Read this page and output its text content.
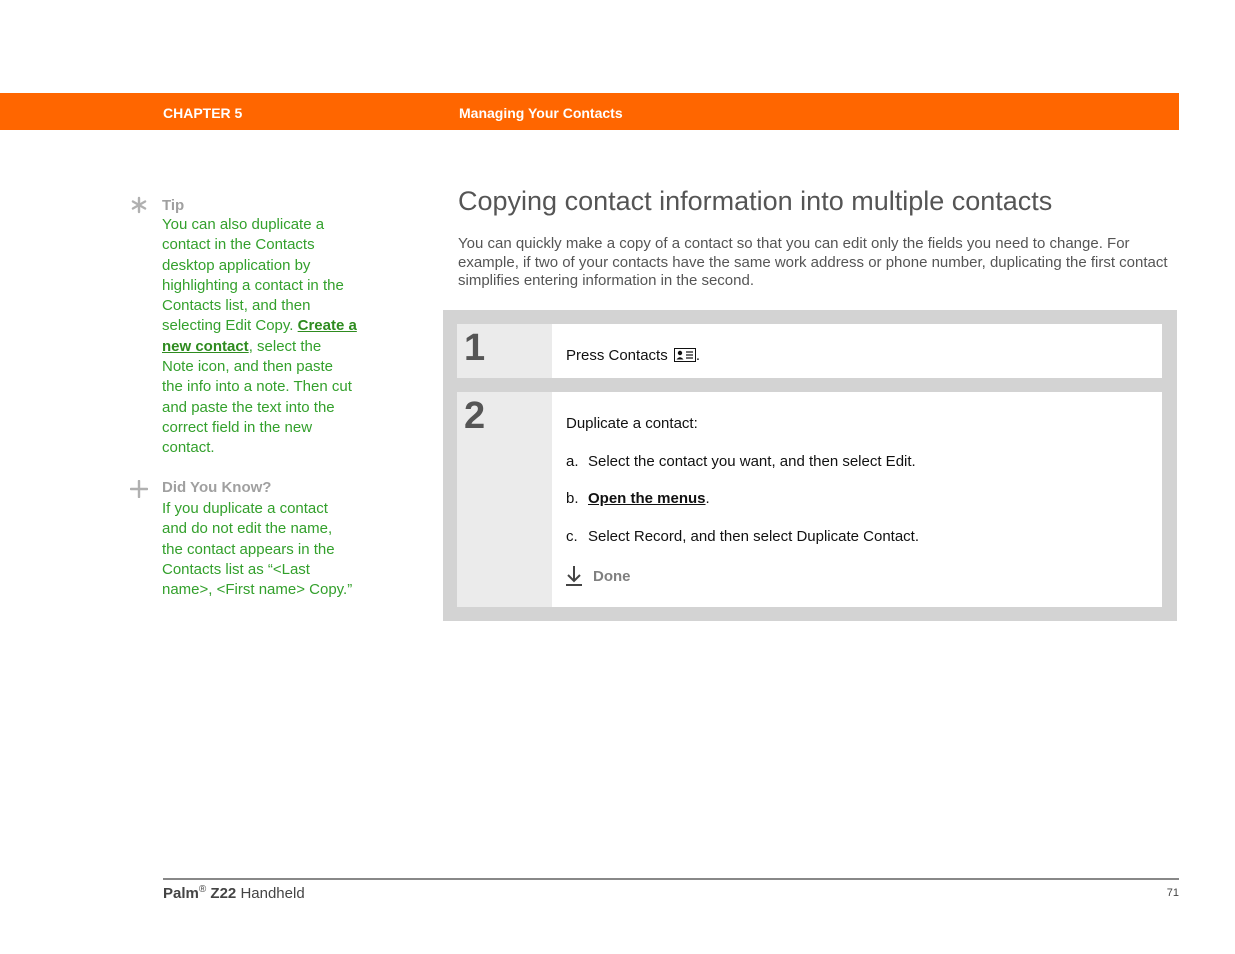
CHAPTER 5	Managing Your Contacts
Tip
You can also duplicate a contact in the Contacts desktop application by highlighting a contact in the Contacts list, and then selecting Edit Copy. Create a new contact, select the Note icon, and then paste the info into a note. Then cut and paste the text into the correct field in the new contact.
Did You Know?
If you duplicate a contact and do not edit the name, the contact appears in the Contacts list as “<Last name>, <First name> Copy.”
Copying contact information into multiple contacts
You can quickly make a copy of a contact so that you can edit only the fields you need to change. For example, if two of your contacts have the same work address or phone number, duplicating the first contact simplifies entering information in the second.
1	Press Contacts .
2	Duplicate a contact:
a. Select the contact you want, and then select Edit.
b. Open the menus.
c. Select Record, and then select Duplicate Contact.
Done
Palm® Z22 Handheld	71
